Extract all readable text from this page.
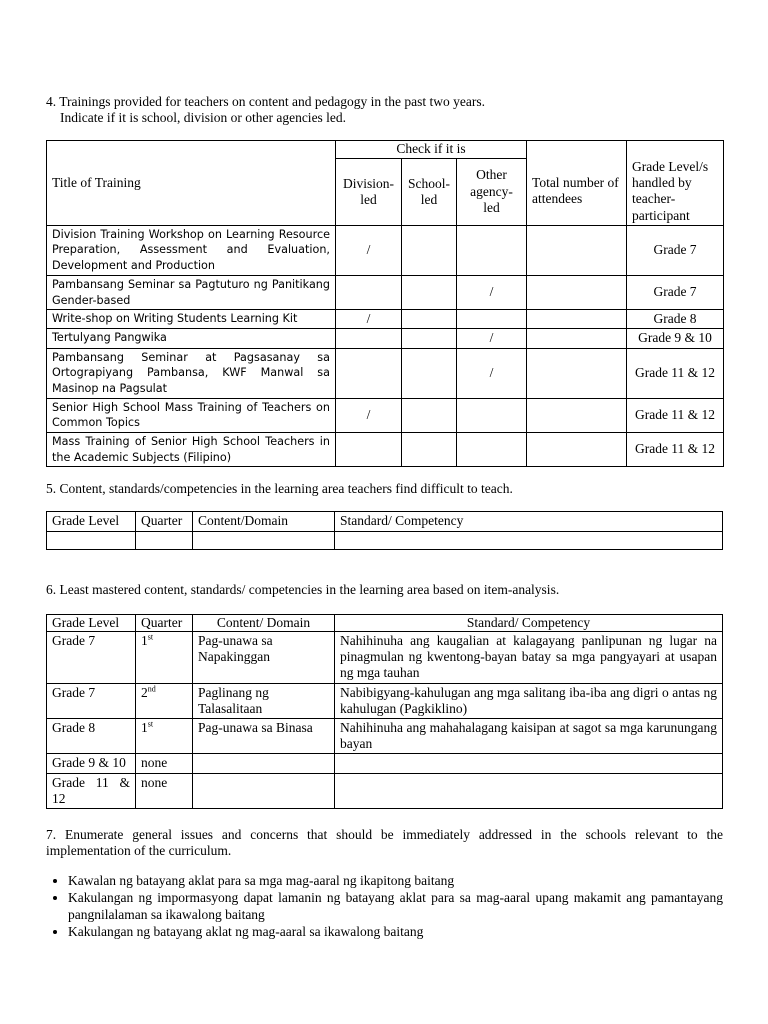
4. Trainings provided for teachers on content and pedagogy in the past two years.

Indicate if it is school, division or other agencies led.

Title of Training	Check if it is				
	Division-led	School-led	Other agency-led	Total number of attendees	Grade Level/s handled by teacher-participant
Division Training Workshop on Learning Resource Preparation, Assessment and Evaluation, Development and Production	/				Grade 7
Pambansang Seminar sa Pagtuturo ng Panitikang Gender-based			/		Grade 7
Write-shop on Writing Students Learning Kit	/				Grade 8
Tertulyang Pangwika			/		Grade 9 & 10
Pambansang Seminar at Pagsasanay sa Ortograpiyang Pambansa, KWF Manwal sa Masinop na Pagsulat			/		Grade 11 & 12
Senior High School Mass Training of Teachers on Common Topics	/				Grade 11 & 12
Mass Training of Senior High School Teachers in the Academic Subjects (Filipino)					Grade 11 & 12

5. Content, standards/competencies in the learning area teachers find difficult to teach.

Grade Level	Quarter	Content/Domain	Standard/ Competency

6. Least mastered content, standards/ competencies in the learning area based on item-analysis.

Grade Level	Quarter	Content/ Domain	Standard/ Competency
Grade 7	1st	Pag-unawa sa Napakinggan	Nahihinuha ang kaugalian at kalagayang panlipunan ng lugar na pinagmulan ng kwentong-bayan batay sa mga pangyayari at usapan ng mga tauhan
Grade 7	2nd	Paglinang ng Talasalitaan	Nabibigyang-kahulugan ang mga salitang iba-iba ang digri o antas ng kahulugan (Pagkiklino)
Grade 8	1st	Pag-unawa sa Binasa	Nahihinuha ang mahahalagang kaisipan at sagot sa mga karunungang bayan
Grade 9 & 10	none		
Grade 11 & 12	none		

7. Enumerate general issues and concerns that should be immediately addressed in the schools relevant to the implementation of the curriculum.

• Kawalan ng batayang aklat para sa mga mag-aaral ng ikapitong baitang
• Kakulangan ng impormasyong dapat lamanin ng batayang aklat para sa mag-aaral upang makamit ang pamantayang pangnilalaman sa ikawalong baitang
• Kakulangan ng batayang aklat ng mag-aaral sa ikawalong baitang
